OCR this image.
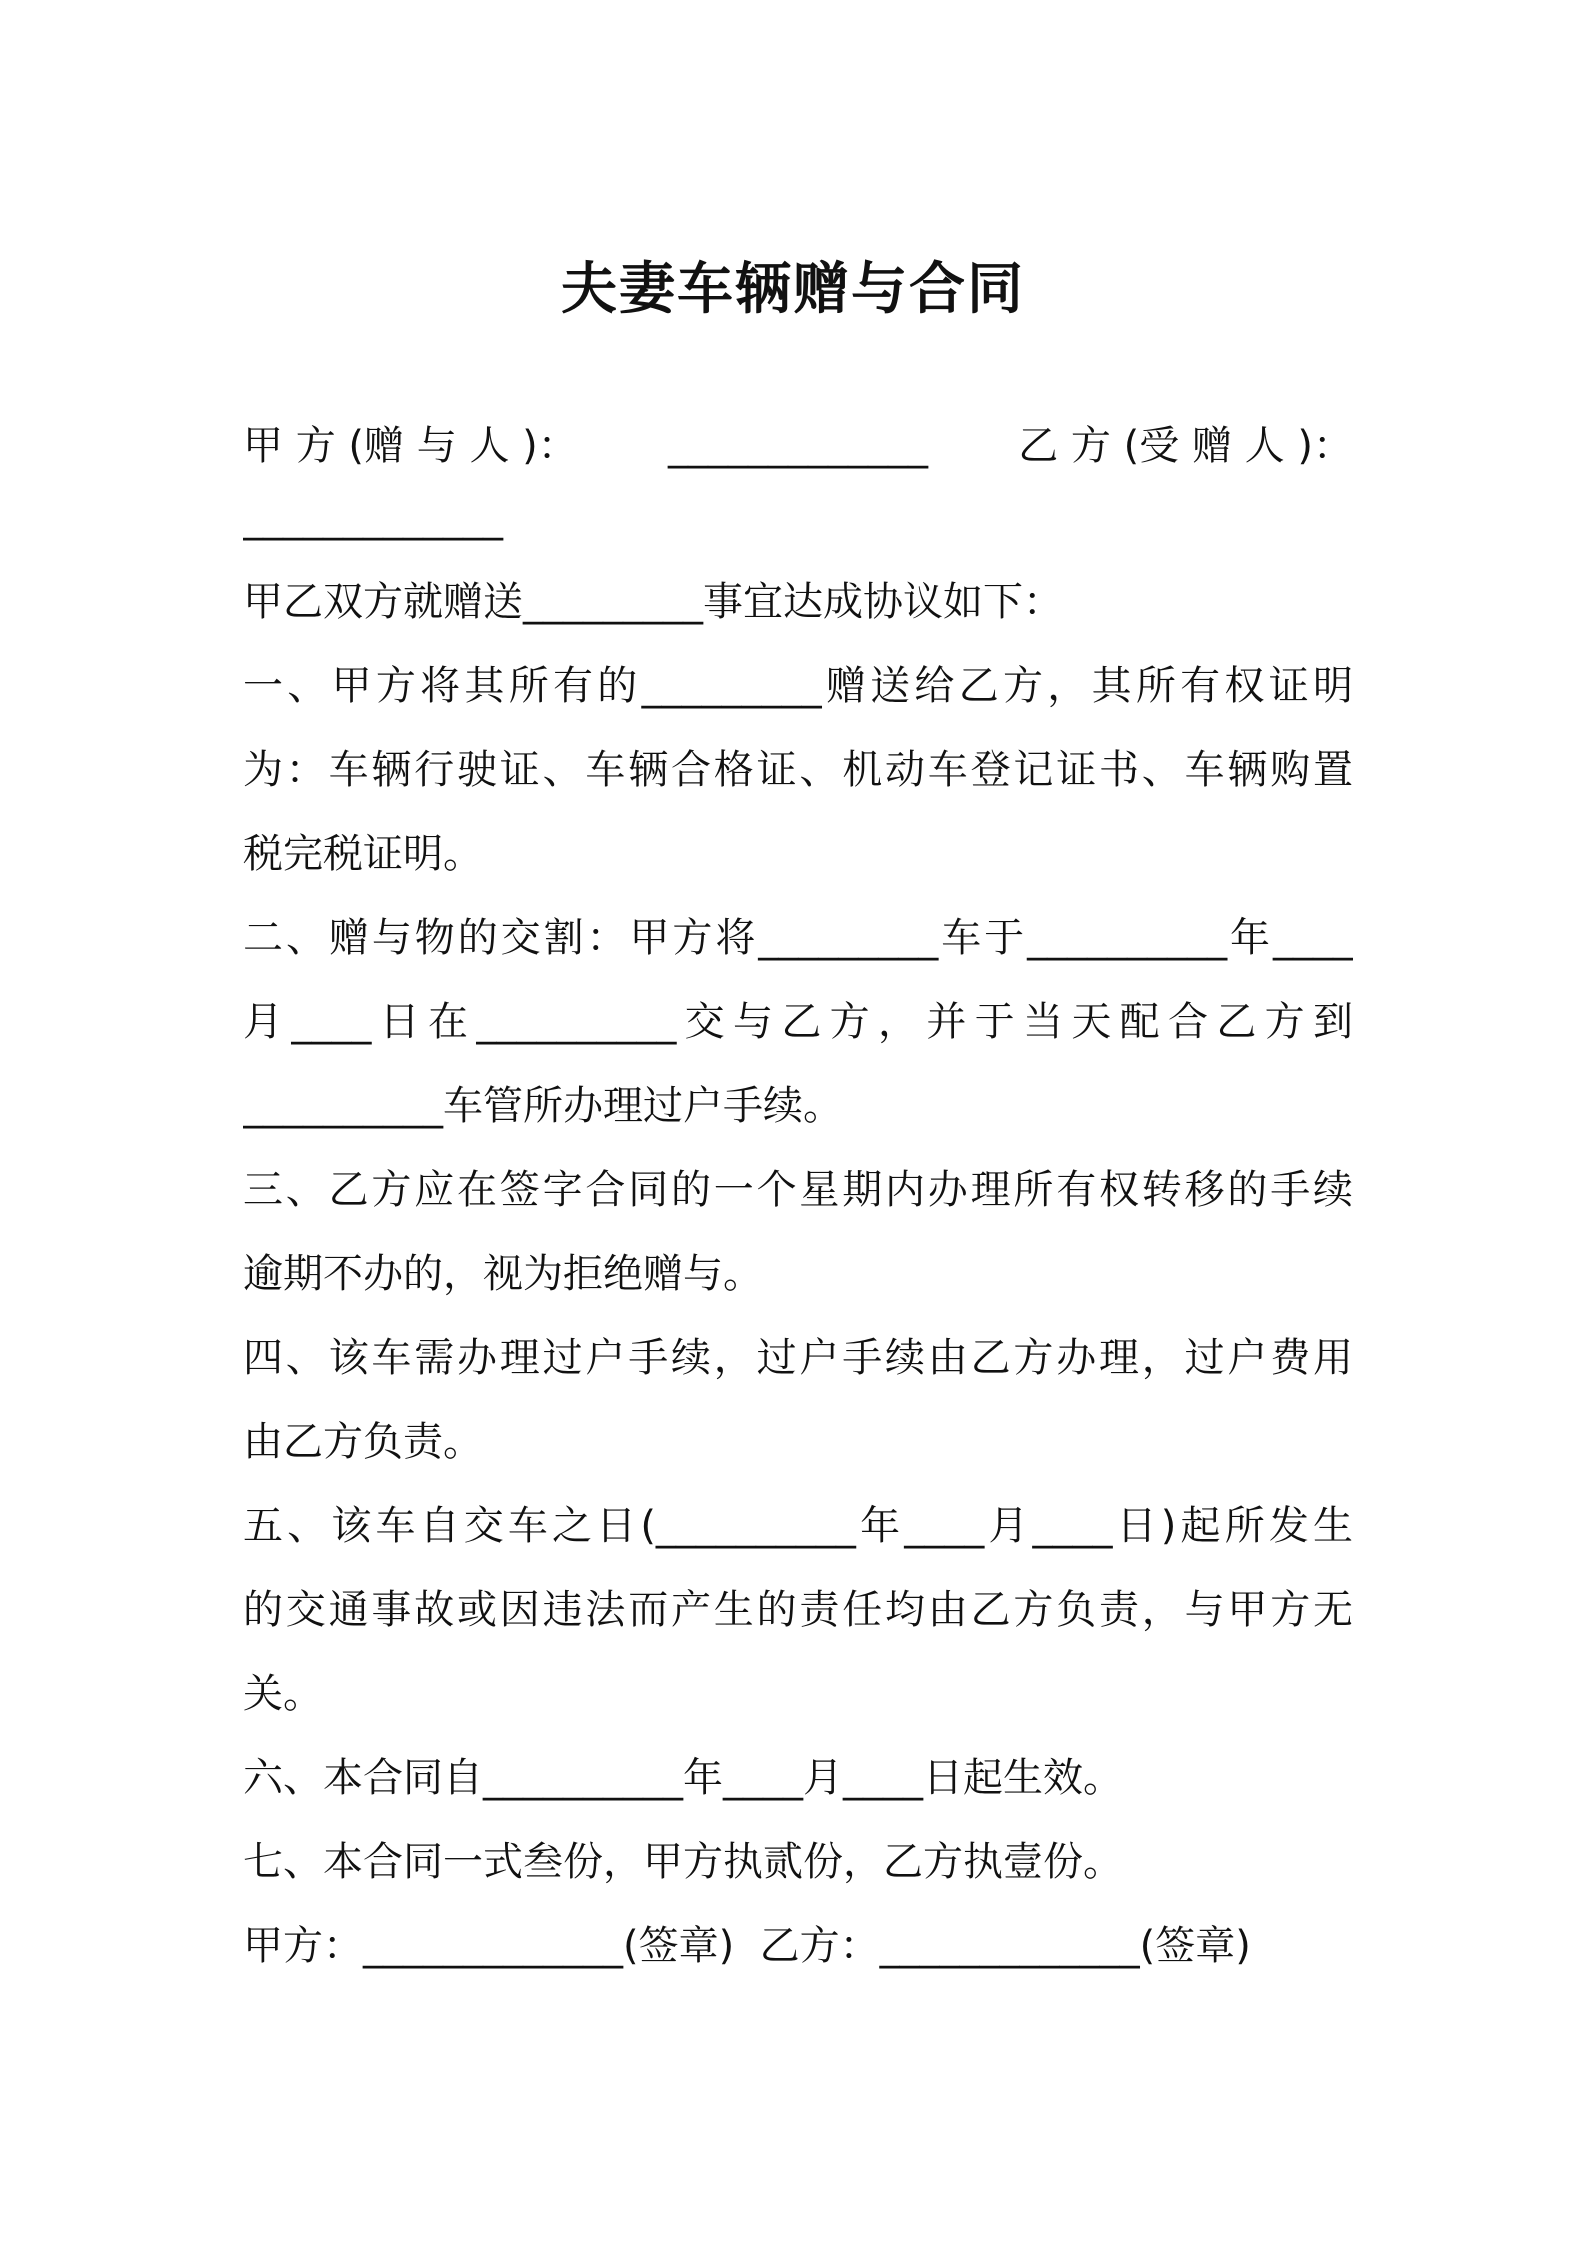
夫妻车辆赠与合同
甲 方 (赠 与 人 )： _____________ 乙 方 (受 赠 人 )：
_____________
甲乙双方就赠送_________事宜达成协议如下：
一、甲方将其所有的_________赠送给乙方，其所有权证明
为：车辆行驶证、车辆合格证、机动车登记证书、车辆购置
税完税证明。
二、赠与物的交割：甲方将_________车于__________年____
月____日在__________交与乙方，并于当天配合乙方到
__________车管所办理过户手续。
三、乙方应在签字合同的一个星期内办理所有权转移的手续
逾期不办的，视为拒绝赠与。
四、该车需办理过户手续，过户手续由乙方办理，过户费用
由乙方负责。
五、该车自交车之日(__________年____月____日)起所发生
的交通事故或因违法而产生的责任均由乙方负责，与甲方无
关。
六、本合同自__________年____月____日起生效。
七、本合同一式叁份，甲方执贰份，乙方执壹份。
甲方：_____________(签章)  乙方：_____________(签章)
